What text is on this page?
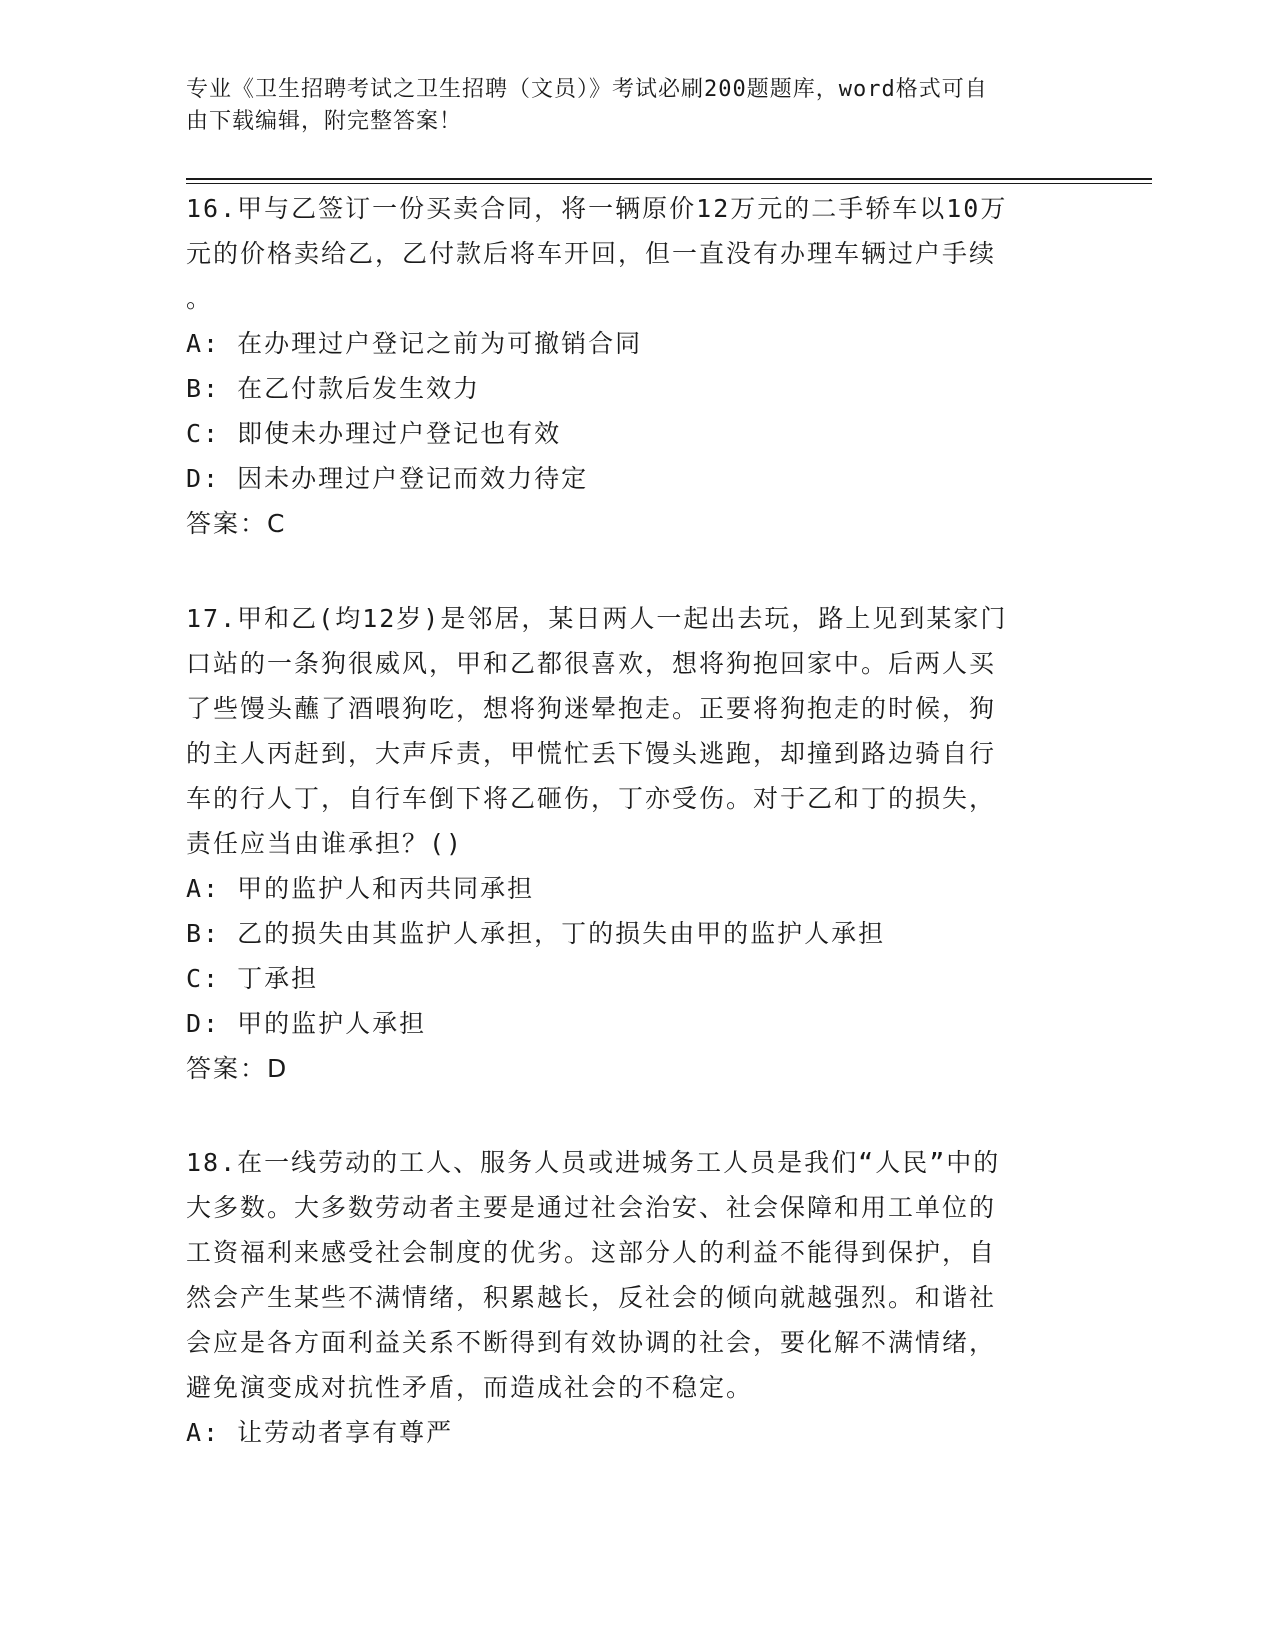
专业《卫生招聘考试之卫生招聘（文员）》考试必刷200题题库，word格式可自
由下载编辑，附完整答案！
16.甲与乙签订一份买卖合同，将一辆原价12万元的二手轿车以10万
元的价格卖给乙，乙付款后将车开回，但一直没有办理车辆过户手续
。
A: 在办理过户登记之前为可撤销合同
B: 在乙付款后发生效力
C: 即使未办理过户登记也有效
D: 因未办理过户登记而效力待定
答案：C
17.甲和乙(均12岁)是邻居，某日两人一起出去玩，路上见到某家门
口站的一条狗很威风，甲和乙都很喜欢，想将狗抱回家中。后两人买
了些馒头蘸了酒喂狗吃，想将狗迷晕抱走。正要将狗抱走的时候，狗
的主人丙赶到，大声斥责，甲慌忙丢下馒头逃跑，却撞到路边骑自行
车的行人丁，自行车倒下将乙砸伤，丁亦受伤。对于乙和丁的损失，
责任应当由谁承担？()
A: 甲的监护人和丙共同承担
B: 乙的损失由其监护人承担，丁的损失由甲的监护人承担
C: 丁承担
D: 甲的监护人承担
答案：D
18.在一线劳动的工人、服务人员或进城务工人员是我们“人民”中的
大多数。大多数劳动者主要是通过社会治安、社会保障和用工单位的
工资福利来感受社会制度的优劣。这部分人的利益不能得到保护，自
然会产生某些不满情绪，积累越长，反社会的倾向就越强烈。和谐社
会应是各方面利益关系不断得到有效协调的社会，要化解不满情绪，
避免演变成对抗性矛盾，而造成社会的不稳定。
A: 让劳动者享有尊严
